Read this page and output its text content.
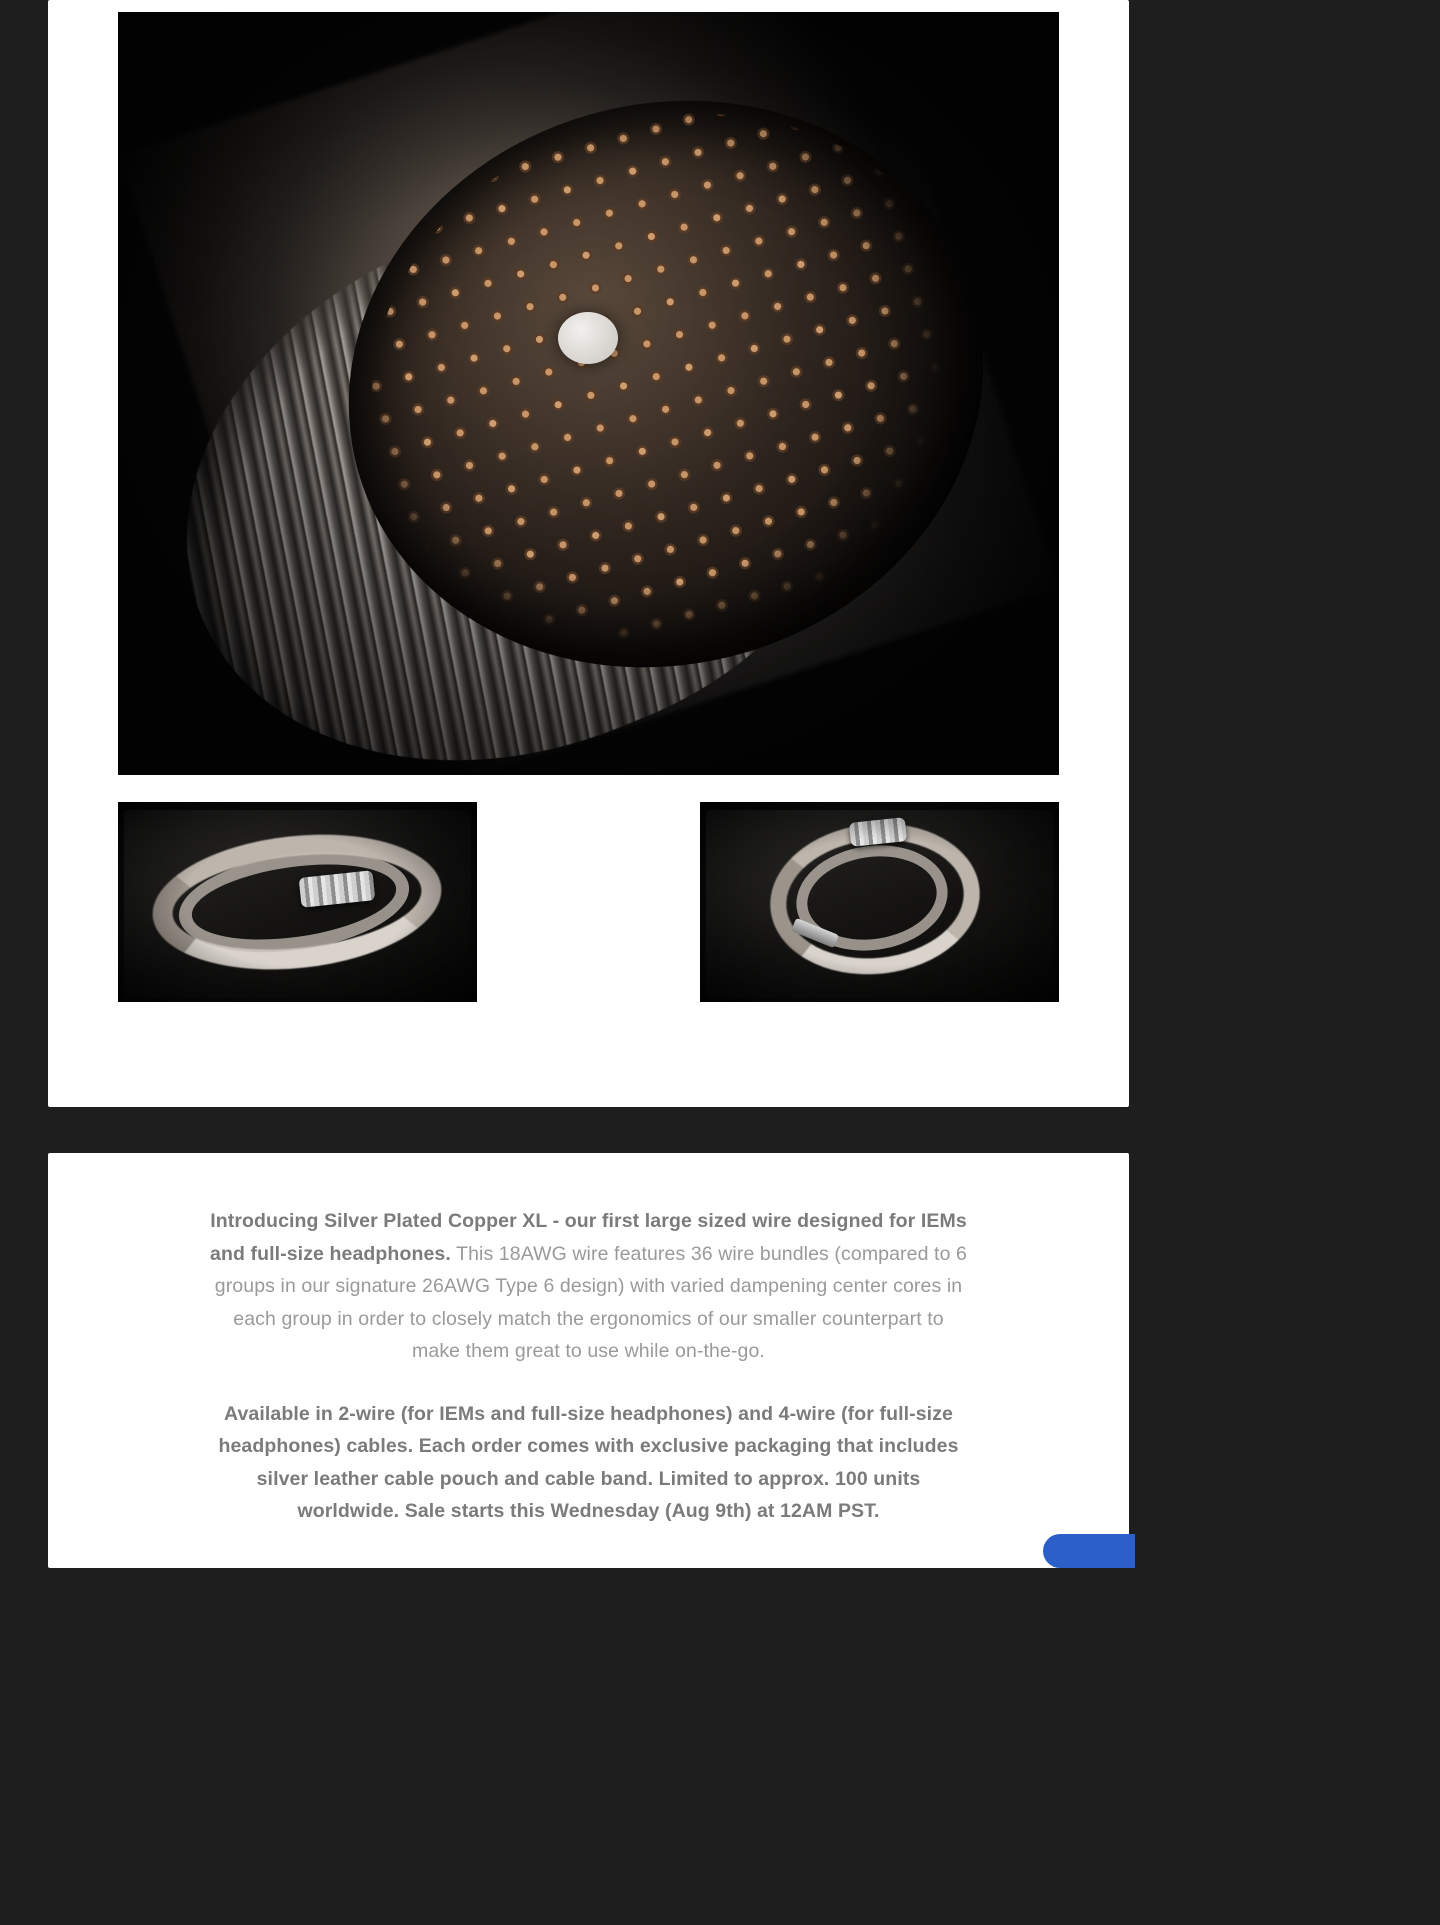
Introducing Silver Plated Copper XL - our first large sized wire designed for IEMs and full-size headphones. This 18AWG wire features 36 wire bundles (compared to 6 groups in our signature 26AWG Type 6 design) with varied dampening center cores in each group in order to closely match the ergonomics of our smaller counterpart to make them great to use while on-the-go.

Available in 2-wire (for IEMs and full-size headphones) and 4-wire (for full-size headphones) cables. Each order comes with exclusive packaging that includes silver leather cable pouch and cable band. Limited to approx. 100 units worldwide. Sale starts this Wednesday (Aug 9th) at 12AM PST.
